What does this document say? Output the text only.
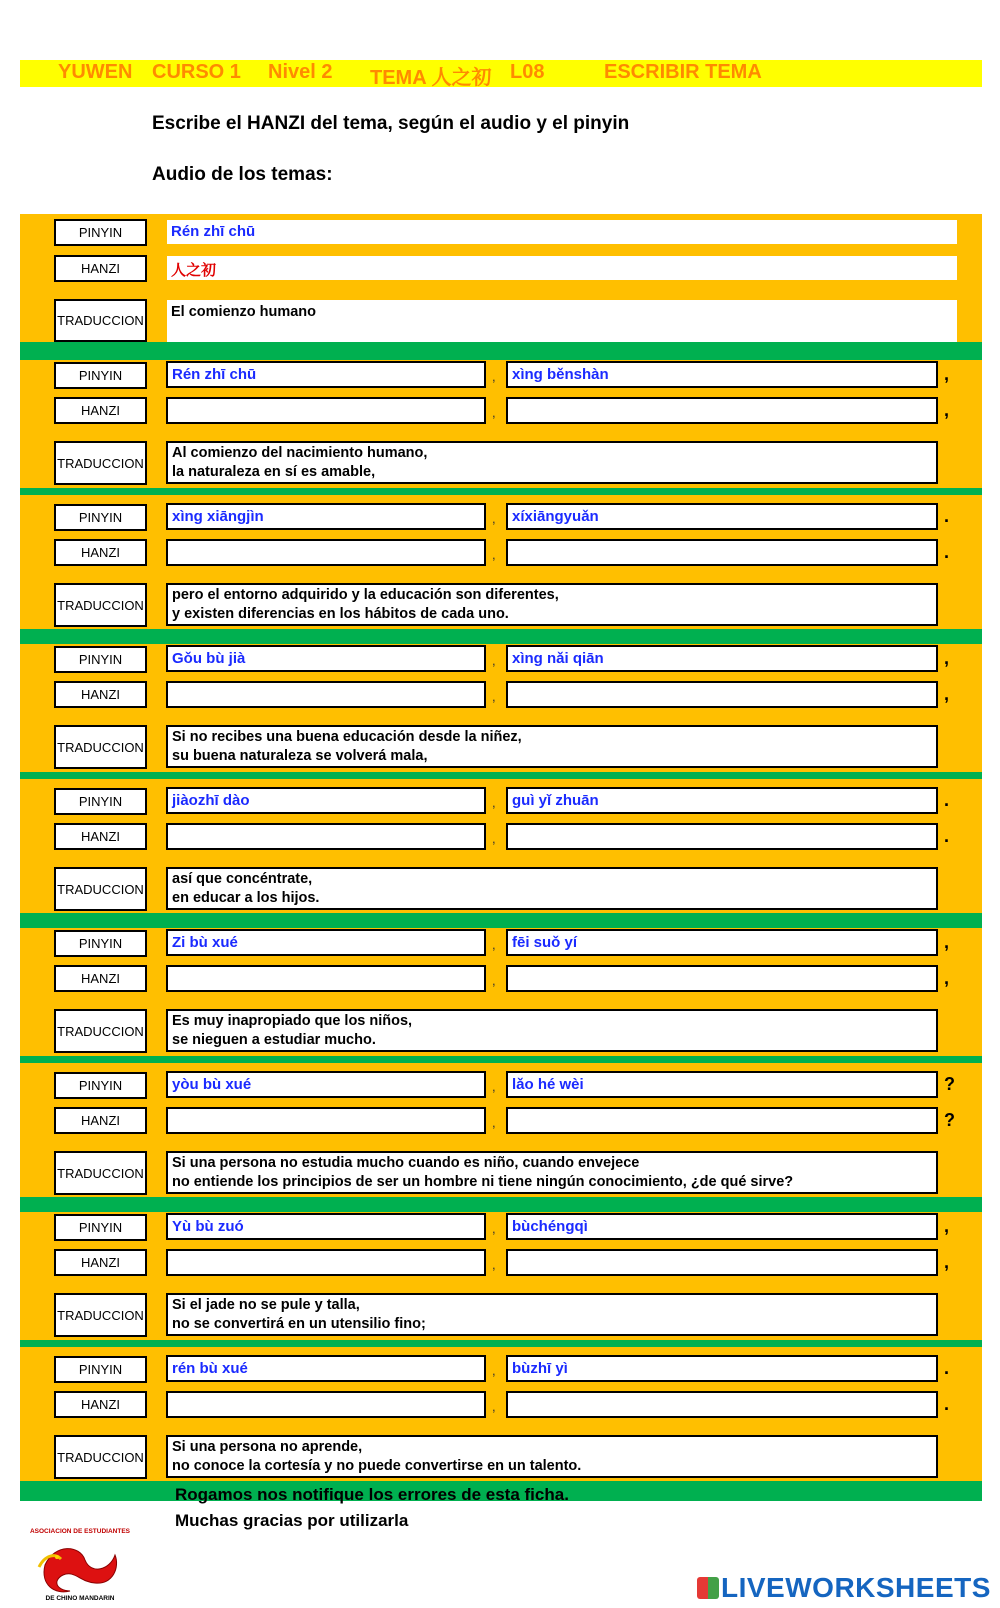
YUWEN CURSO 1 Nivel 2 TEMA 人之初 L08	ESCRIBIR TEMA
Escribe el HANZI del tema, según el audio y el pinyin
Audio de los temas:
PINYIN	Rén zhī chū
HANZI	人之初
TRADUCCION
El comienzo humano
PINYIN	Rén zhī chū	,	xìng běnshàn	,
HANZI	,	,
TRADUCCION
Al comienzo del nacimiento humano,
la naturaleza en sí es amable,
PINYIN	xìng xiāngjìn	,	xíxiāngyuǎn	.
HANZI	,	.
TRADUCCION
pero el entorno adquirido y la educación son diferentes,
y existen diferencias en los hábitos de cada uno.
PINYIN	Gǒu bù jià	,	xìng nǎi qiān	,
HANZI	,	,
TRADUCCION
Si no recibes una buena educación desde la niñez,
su buena naturaleza se volverá mala,
PINYIN	jiàozhī dào	,	guì yǐ zhuān	.
HANZI	,	.
TRADUCCION
así que concéntrate,
en educar a los hijos.
PINYIN	Zi bù xué	,	fēi suǒ yí	,
HANZI	,	,
TRADUCCION
Es muy inapropiado que los niños,
se nieguen a estudiar mucho.
PINYIN	yòu bù xué	,	lǎo hé wèi	?
HANZI	,	?
TRADUCCION
Si una persona no estudia mucho cuando es niño, cuando envejece
no entiende los principios de ser un hombre ni tiene ningún conocimiento, ¿de qué sirve?
PINYIN	Yù bù zuó	,	bùchéngqì	,
HANZI	,	,
TRADUCCION
Si el jade no se pule y talla,
no se convertirá en un utensilio fino;
PINYIN	rén bù xué	,	bùzhī yì	.
HANZI	,	.
TRADUCCION
Si una persona no aprende,
no conoce la cortesía y no puede convertirse en un talento.
ASOCIACION DE ESTUDIANTES
DE CHINO MANDARIN
Rogamos nos notifique los errores de esta ficha.
Muchas gracias por utilizarla
LIVEWORKSHEETS
